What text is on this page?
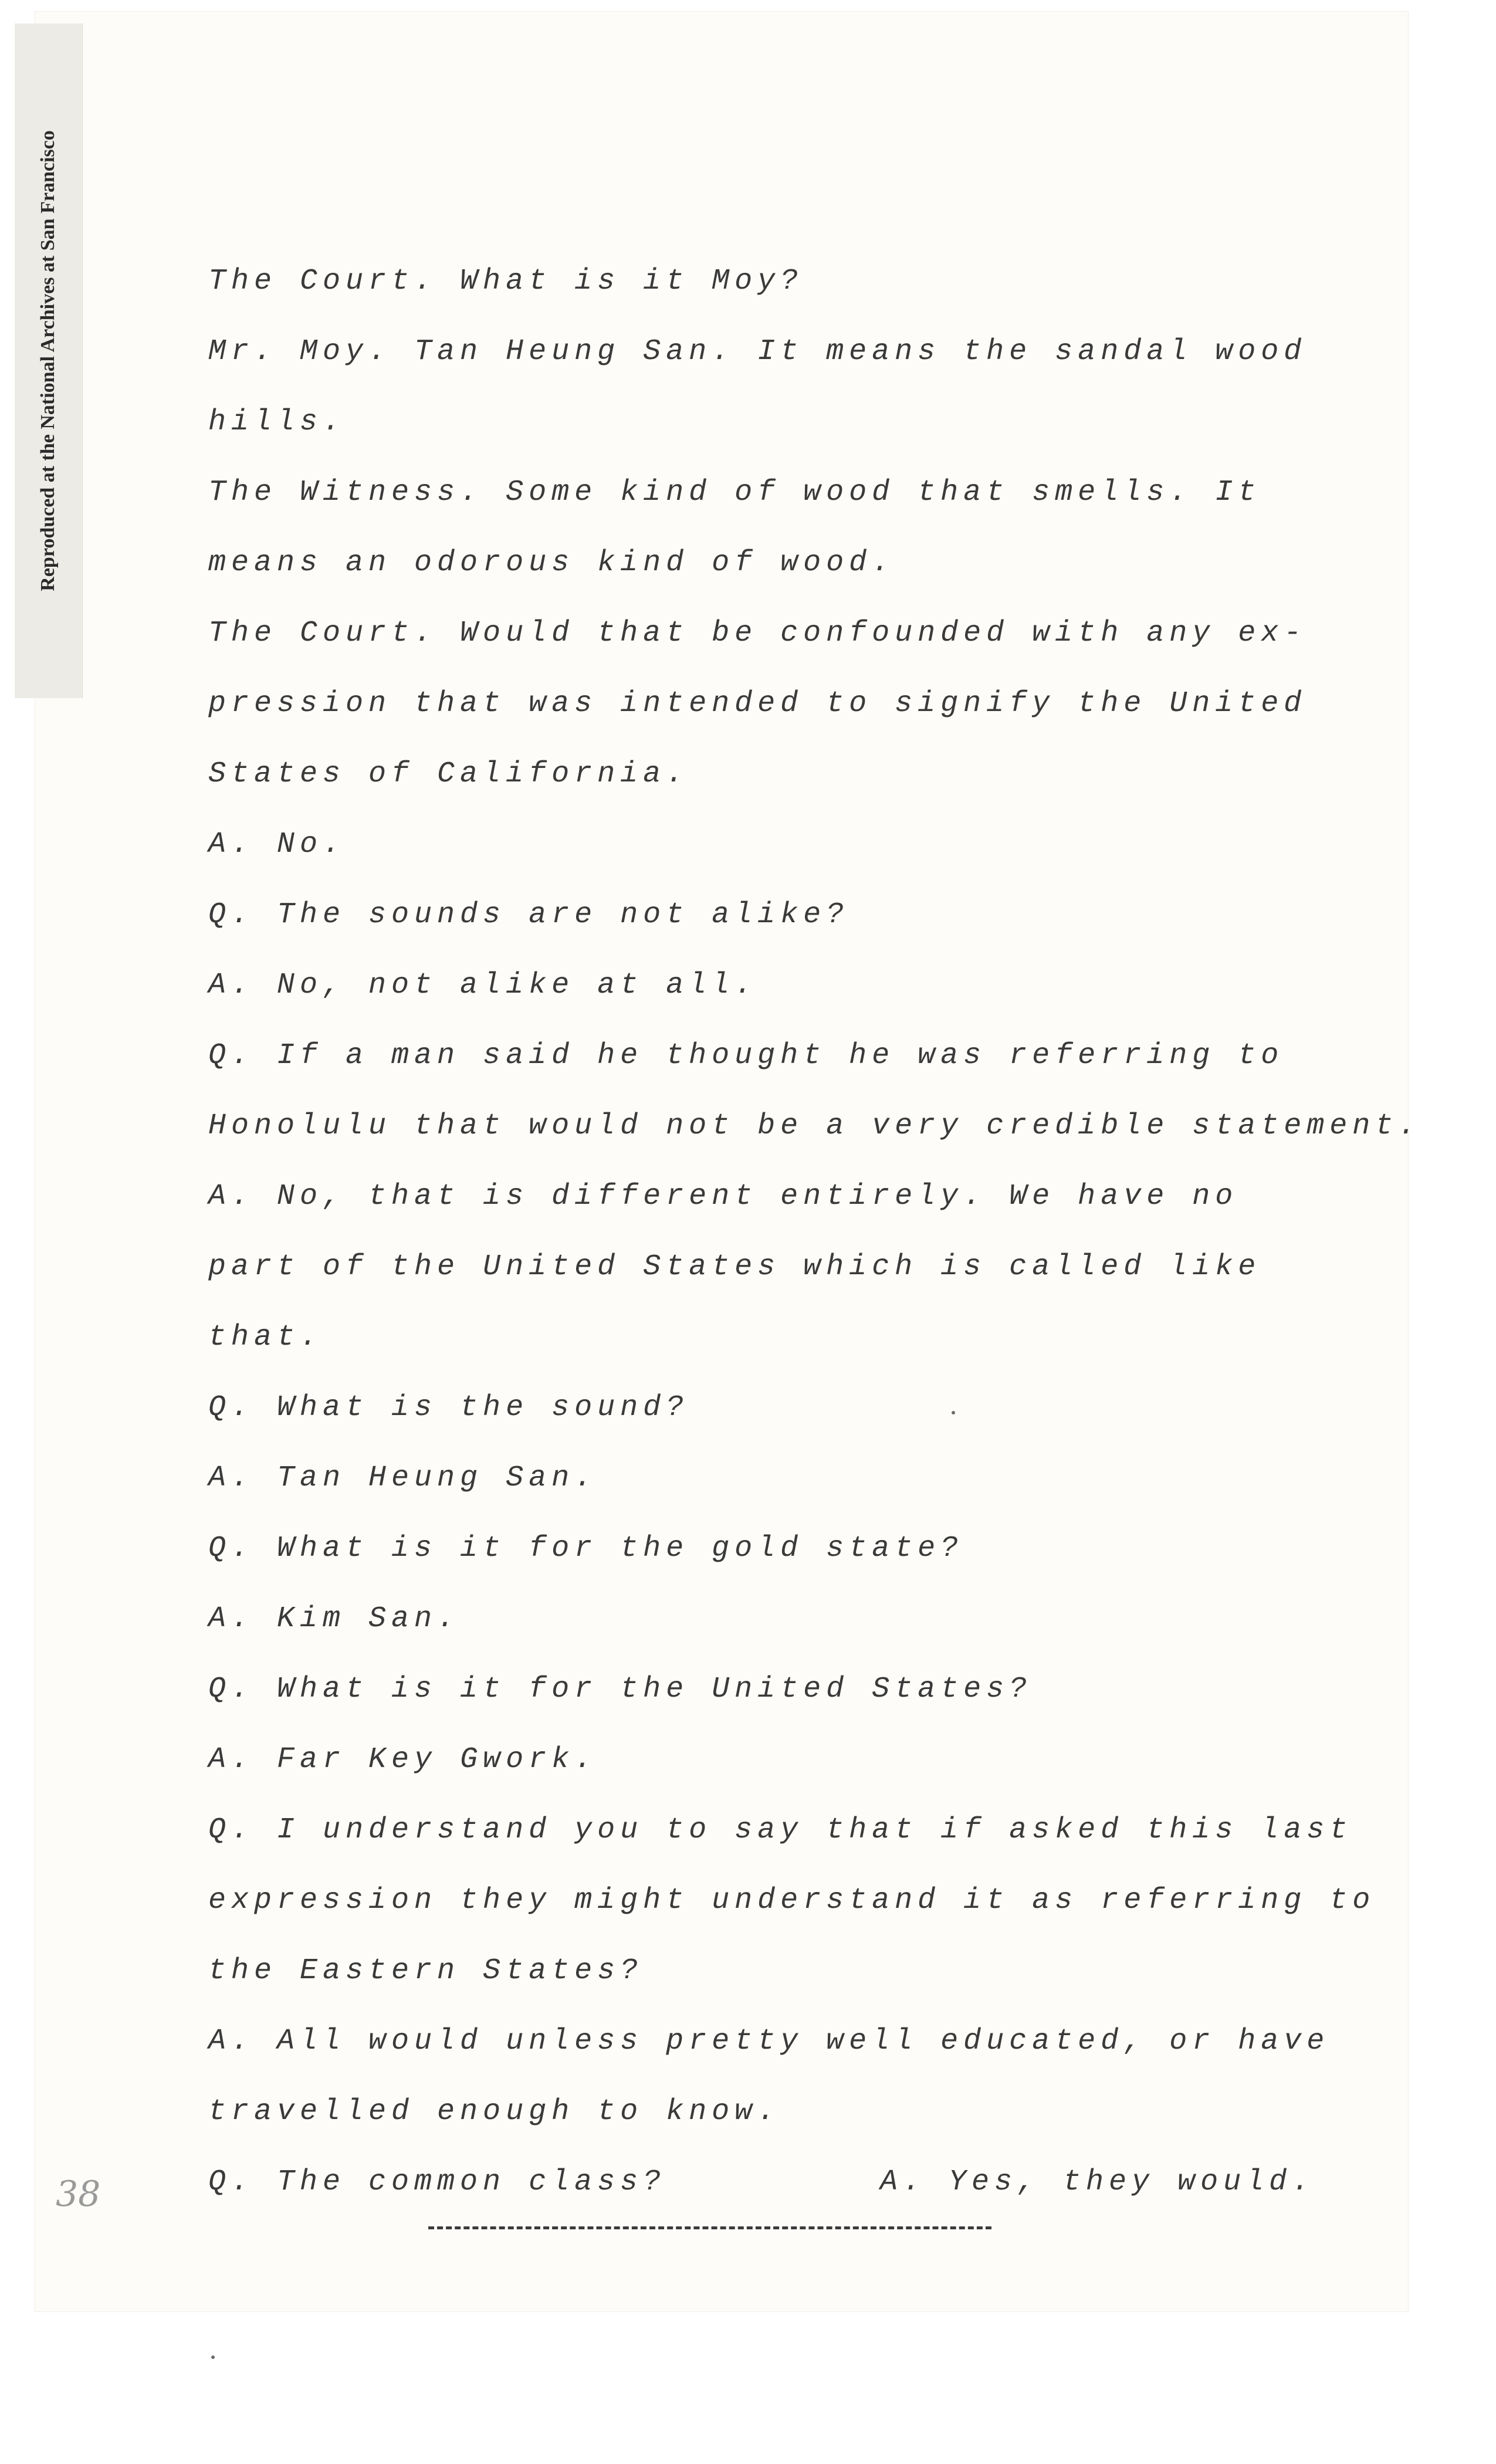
Reproduced at the National Archives at San Francisco	The Court. What is it Moy?
Mr. Moy. Tan Heung San. It means the sandal wood
hills.
The Witness. Some kind of wood that smells. It
means an odorous kind of wood.
The Court. Would that be confounded with any ex-
pression that was intended to signify the United
States of California.
A. No.
Q. The sounds are not alike?
A. No, not alike at all.
Q. If a man said he thought he was referring to
Honolulu that would not be a very credible statement.
A. No, that is different entirely. We have no
part of the United States which is called like
that.
Q. What is the sound?
A. Tan Heung San.
Q. What is it for the gold state?
A. Kim San.
Q. What is it for the United States?
A. Far Key Gwork.
Q. I understand you to say that if asked this last
expression they might understand it as referring to
the Eastern States?
A. All would unless pretty well educated, or have
travelled enough to know.
Q. The common class?	A. Yes, they would.
38
